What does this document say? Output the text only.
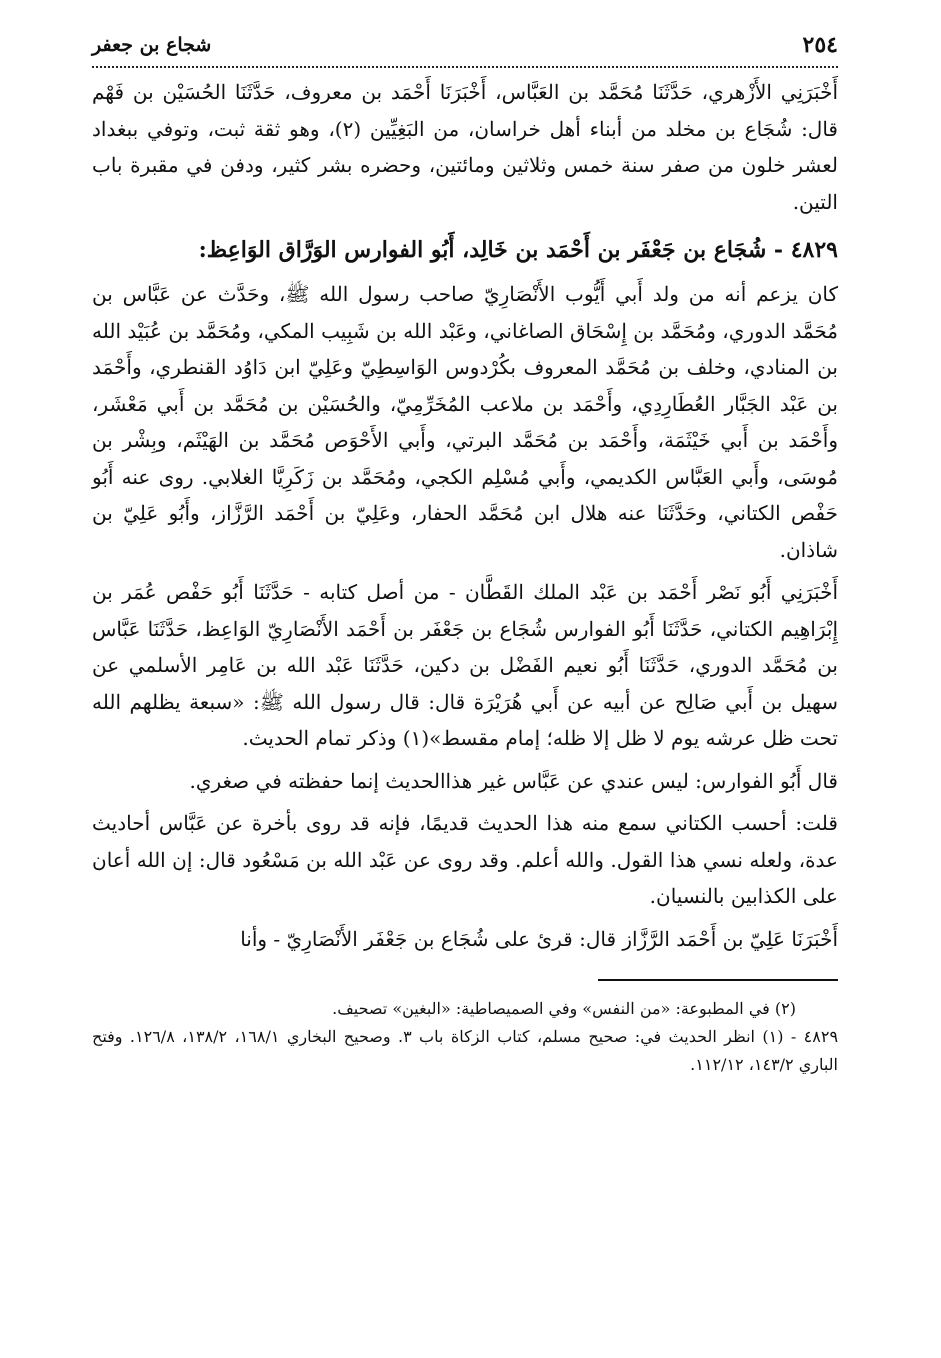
٢٥٤
شجاع بن جعفر

أَخْبَرَنِي الأَزْهري، حَدَّثَنَا مُحَمَّد بن العَبَّاس، أَخْبَرَنَا أَحْمَد بن معروف، حَدَّثَنَا الحُسَيْن بن فَهْم قال: شُجَاع بن مخلد من أبناء أهل خراسان، من البَغِيِّين (٢)، وهو ثقة ثبت، وتوفي ببغداد لعشر خلون من صفر سنة خمس وثلاثين ومائتين، وحضره بشر كثير، ودفن في مقبرة باب التين.

٤٨٢٩ - شُجَاع بن جَعْفَر بن أَحْمَد بن خَالِد، أَبُو الفوارس الوَرَّاق الوَاعِظ:

كان يزعم أنه من ولد أَبي أَيُّوب الأَنْصَارِيّ صاحب رسول الله ﷺ، وحَدَّث عن عَبَّاس بن مُحَمَّد الدوري، ومُحَمَّد بن إِسْحَاق الصاغاني، وعَبْد الله بن شَبِيب المكي، ومُحَمَّد بن عُبَيْد الله بن المنادي، وخلف بن مُحَمَّد المعروف بكُرْدوس الوَاسِطِيّ وعَلِيّ ابن دَاوُد القنطري، وأَحْمَد بن عَبْد الجَبَّار العُطَارِدِي، وأَحْمَد بن ملاعب المُخَرِّمِيّ، والحُسَيْن بن مُحَمَّد بن أَبي مَعْشَر، وأَحْمَد بن أَبي خَيْثَمَة، وأَحْمَد بن مُحَمَّد البرتي، وأَبي الأَحْوَص مُحَمَّد بن الهَيْثَم، وبِشْر بن مُوسَى، وأَبي العَبَّاس الكديمي، وأَبي مُسْلِم الكجي، ومُحَمَّد بن زَكَرِيَّا الغلابي. روى عنه أَبُو حَفْص الكتاني، وحَدَّثَنَا عنه هلال ابن مُحَمَّد الحفار، وعَلِيّ بن أَحْمَد الرَّزَّاز، وأَبُو عَلِيّ بن شاذان.

أَخْبَرَنِي أَبُو نَصْر أَحْمَد بن عَبْد الملك القَطَّان - من أصل كتابه - حَدَّثَنَا أَبُو حَفْص عُمَر بن إِبْرَاهِيم الكتاني، حَدَّثَنَا أَبُو الفوارس شُجَاع بن جَعْفَر بن أَحْمَد الأَنْصَارِيّ الوَاعِظ، حَدَّثَنَا عَبَّاس بن مُحَمَّد الدوري، حَدَّثَنَا أَبُو نعيم الفَضْل بن دكين، حَدَّثَنَا عَبْد الله بن عَامِر الأسلمي عن سهيل بن أَبي صَالِح عن أبيه عن أَبي هُرَيْرَة قال: قال رسول الله ﷺ: «سبعة يظلهم الله تحت ظل عرشه يوم لا ظل إلا ظله؛ إمام مقسط»(١) وذكر تمام الحديث.

قال أَبُو الفوارس: ليس عندي عن عَبَّاس غير هذاالحديث إنما حفظته في صغري.

قلت: أحسب الكتاني سمع منه هذا الحديث قديمًا، فإنه قد روى بأخرة عن عَبَّاس أحاديث عدة، ولعله نسي هذا القول. والله أعلم. وقد روى عن عَبْد الله بن مَسْعُود قال: إن الله أعان على الكذابين بالنسيان.

أَخْبَرَنَا عَلِيّ بن أَحْمَد الرَّزَّاز قال: قرئ على شُجَاع بن جَعْفَر الأَنْصَارِيّ - وأنا

(٢) في المطبوعة: «من النفس» وفي الصميصاطية: «البغين» تصحيف.

٤٨٢٩ - (١) انظر الحديث في: صحيح مسلم، كتاب الزكاة باب ٣. وصحيح البخاري ١٦٨/١، ١٣٨/٢، ١٢٦/٨. وفتح الباري ١٤٣/٢، ١١٢/١٢.
